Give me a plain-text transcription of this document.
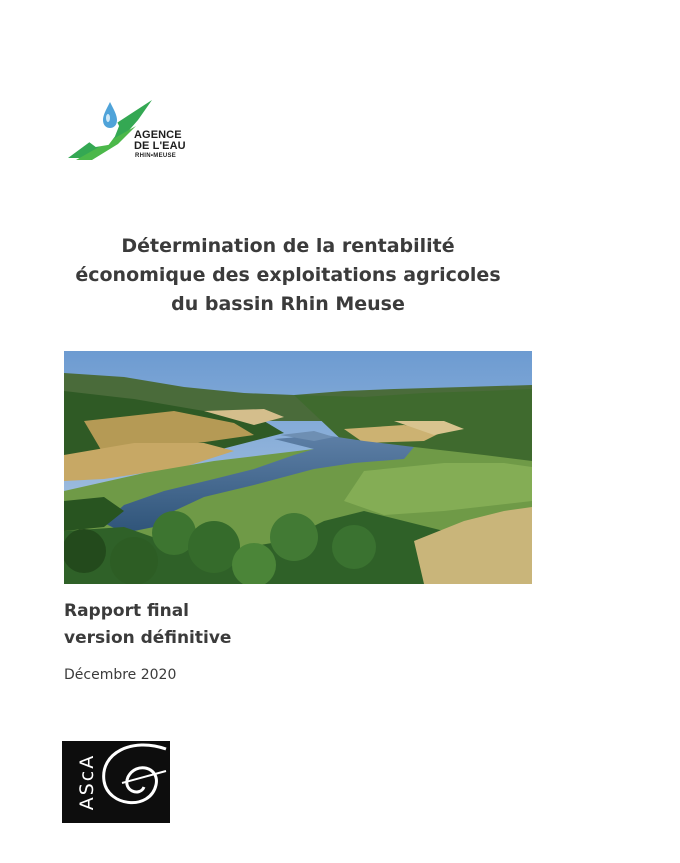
AGENCE
DE L'EAU
RHIN•MEUSE
Détermination de la rentabilité économique des exploitations agricoles du bassin Rhin Meuse
Rapport final
version définitive
Décembre 2020
AScA
